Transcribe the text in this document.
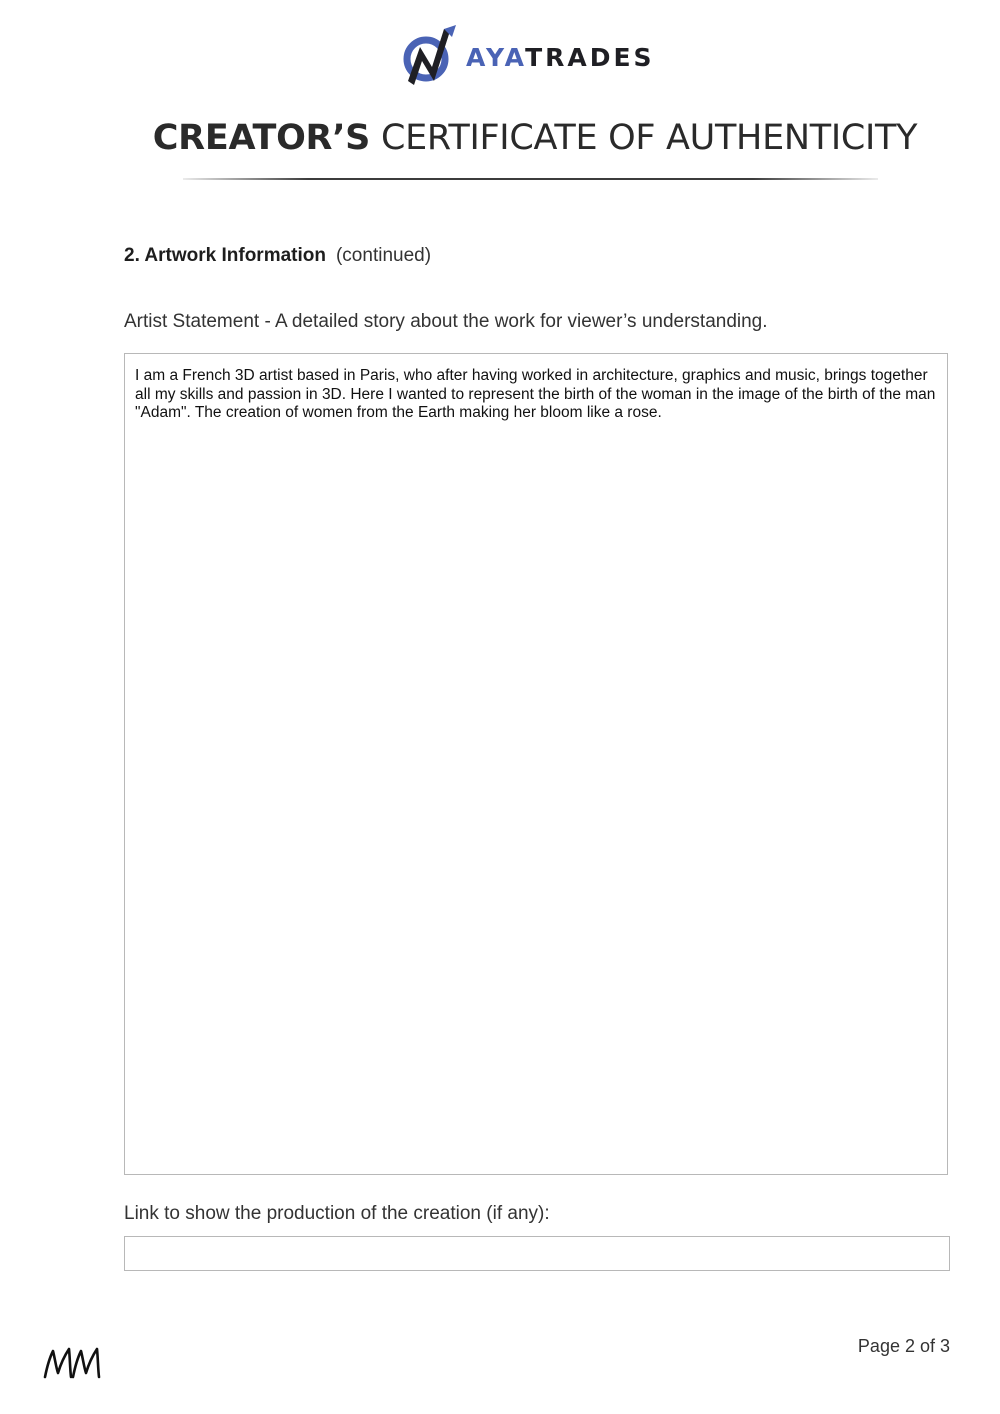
AYATRADES
CREATOR’S CERTIFICATE OF AUTHENTICITY
2. Artwork Information (continued)
Artist Statement - A detailed story about the work for viewer’s understanding.
I am a French 3D artist based in Paris, who after having worked in architecture, graphics and music, brings together all my skills and passion in 3D. Here I wanted to represent the birth of the woman in the image of the birth of the man "Adam". The creation of women from the Earth making her bloom like a rose.
Link to show the production of the creation (if any):
Page 2 of 3
